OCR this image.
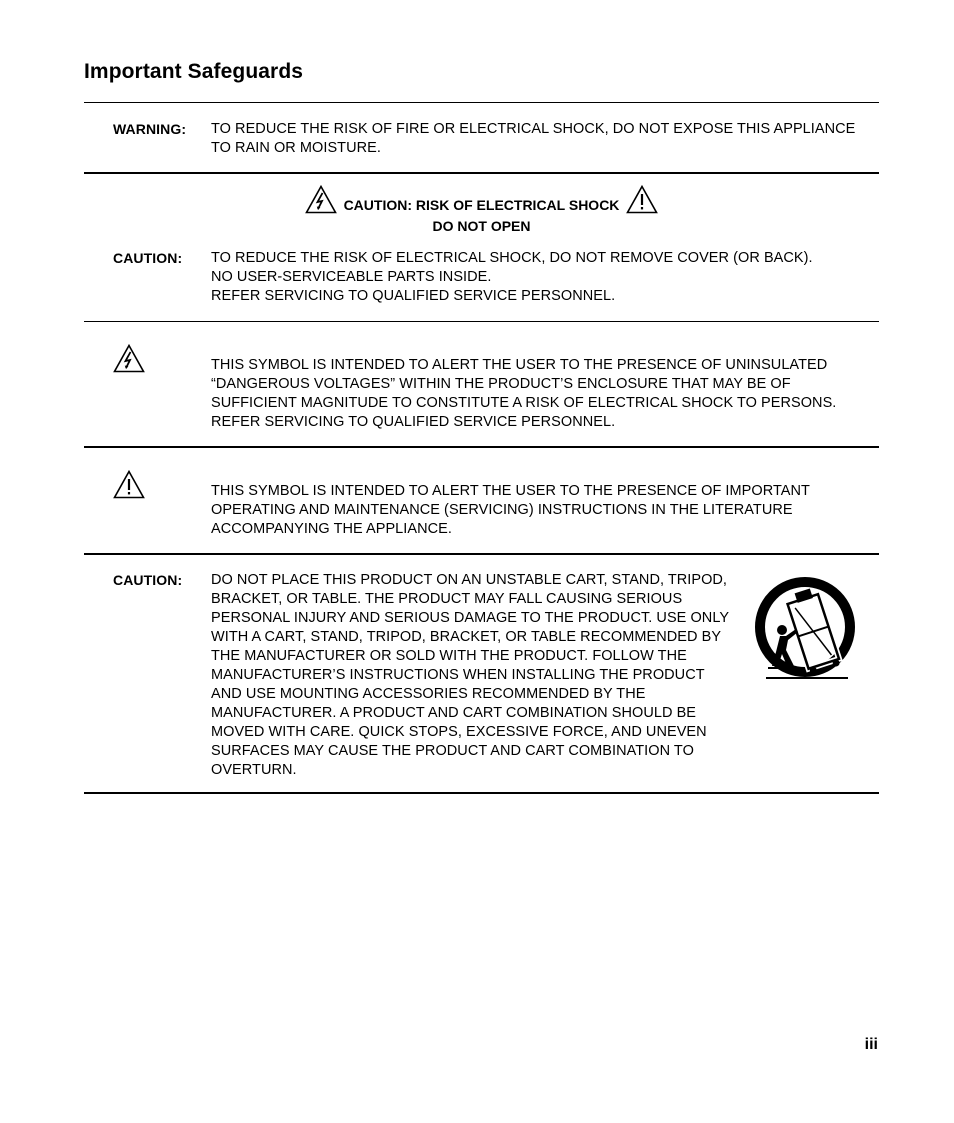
Important Safeguards
WARNING: TO REDUCE THE RISK OF FIRE OR ELECTRICAL SHOCK, DO NOT EXPOSE THIS APPLIANCE
TO RAIN OR MOISTURE.
CAUTION: RISK OF ELECTRICAL SHOCK
DO NOT OPEN
CAUTION: TO REDUCE THE RISK OF ELECTRICAL SHOCK, DO NOT REMOVE COVER (OR BACK).
NO USER-SERVICEABLE PARTS INSIDE.
REFER SERVICING TO QUALIFIED SERVICE PERSONNEL.
THIS SYMBOL IS INTENDED TO ALERT THE USER TO THE PRESENCE OF UNINSULATED
“DANGEROUS VOLTAGES” WITHIN THE PRODUCT’S ENCLOSURE THAT MAY BE OF
SUFFICIENT MAGNITUDE TO CONSTITUTE A RISK OF ELECTRICAL SHOCK TO PERSONS.
REFER SERVICING TO QUALIFIED SERVICE PERSONNEL.
THIS SYMBOL IS INTENDED TO ALERT THE USER TO THE PRESENCE OF IMPORTANT
OPERATING AND MAINTENANCE (SERVICING) INSTRUCTIONS IN THE LITERATURE
ACCOMPANYING THE APPLIANCE.
CAUTION: DO NOT PLACE THIS PRODUCT ON AN UNSTABLE CART, STAND, TRIPOD,
BRACKET, OR TABLE. THE PRODUCT MAY FALL CAUSING SERIOUS
PERSONAL INJURY AND SERIOUS DAMAGE TO THE PRODUCT. USE ONLY
WITH A CART, STAND, TRIPOD, BRACKET, OR TABLE RECOMMENDED BY
THE MANUFACTURER OR SOLD WITH THE PRODUCT. FOLLOW THE
MANUFACTURER’S INSTRUCTIONS WHEN INSTALLING THE PRODUCT
AND USE MOUNTING ACCESSORIES RECOMMENDED BY THE
MANUFACTURER. A PRODUCT AND CART COMBINATION SHOULD BE
MOVED WITH CARE. QUICK STOPS, EXCESSIVE FORCE, AND UNEVEN
SURFACES MAY CAUSE THE PRODUCT AND CART COMBINATION TO
OVERTURN.
iii
